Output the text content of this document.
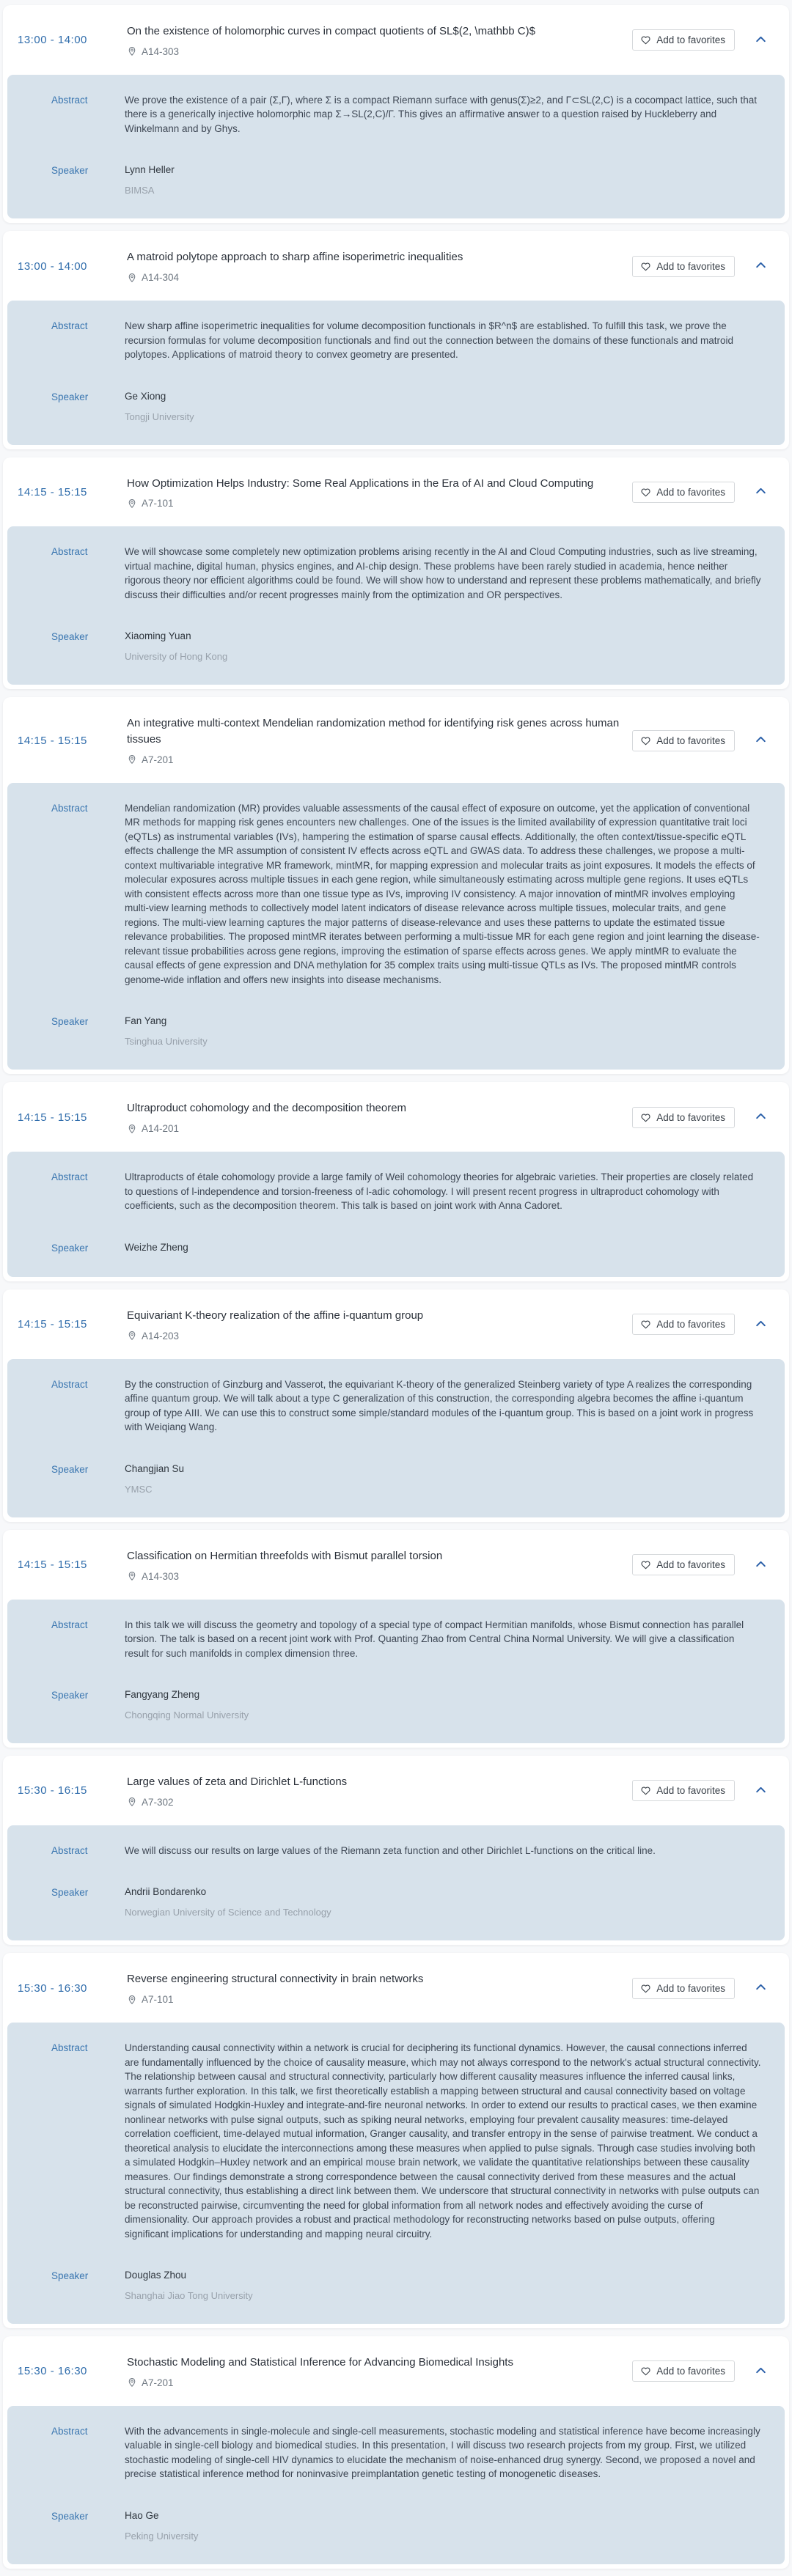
13:00 - 14:00
On the existence of holomorphic curves in compact quotients of SL$(2, \mathbb C)$
A14-303
Add to favorites
Abstract	We prove the existence of a pair (Σ,Γ), where Σ is a compact Riemann surface with genus(Σ)≥2, and Γ⊂SL(2,C) is a cocompact lattice, such that there is a generically injective holomorphic map Σ→SL(2,C)/Γ. This gives an affirmative answer to a question raised by Huckleberry and Winkelmann and by Ghys.
Speaker	Lynn Heller
BIMSA
13:00 - 14:00
A matroid polytope approach to sharp affine isoperimetric inequalities
A14-304
Add to favorites
Abstract	New sharp affine isoperimetric inequalities for volume decomposition functionals in $R^n$ are established. To fulfill this task, we prove the recursion formulas for volume decomposition functionals and find out the connection between the domains of these functionals and matroid polytopes. Applications of matroid theory to convex geometry are presented.
Speaker	Ge Xiong
Tongji University
14:15 - 15:15
How Optimization Helps Industry: Some Real Applications in the Era of AI and Cloud Computing
A7-101
Add to favorites
Abstract	We will showcase some completely new optimization problems arising recently in the AI and Cloud Computing industries, such as live streaming, virtual machine, digital human, physics engines, and AI-chip design. These problems have been rarely studied in academia, hence neither rigorous theory nor efficient algorithms could be found. We will show how to understand and represent these problems mathematically, and briefly discuss their difficulties and/or recent progresses mainly from the optimization and OR perspectives.
Speaker	Xiaoming Yuan
University of Hong Kong
14:15 - 15:15
An integrative multi-context Mendelian randomization method for identifying risk genes across human tissues
A7-201
Add to favorites
Abstract	Mendelian randomization (MR) provides valuable assessments of the causal effect of exposure on outcome, yet the application of conventional MR methods for mapping risk genes encounters new challenges. One of the issues is the limited availability of expression quantitative trait loci (eQTLs) as instrumental variables (IVs), hampering the estimation of sparse causal effects. Additionally, the often context/tissue-specific eQTL effects challenge the MR assumption of consistent IV effects across eQTL and GWAS data. To address these challenges, we propose a multi-context multivariable integrative MR framework, mintMR, for mapping expression and molecular traits as joint exposures. It models the effects of molecular exposures across multiple tissues in each gene region, while simultaneously estimating across multiple gene regions. It uses eQTLs with consistent effects across more than one tissue type as IVs, improving IV consistency. A major innovation of mintMR involves employing multi-view learning methods to collectively model latent indicators of disease relevance across multiple tissues, molecular traits, and gene regions. The multi-view learning captures the major patterns of disease-relevance and uses these patterns to update the estimated tissue relevance probabilities. The proposed mintMR iterates between performing a multi-tissue MR for each gene region and joint learning the disease-relevant tissue probabilities across gene regions, improving the estimation of sparse effects across genes. We apply mintMR to evaluate the causal effects of gene expression and DNA methylation for 35 complex traits using multi-tissue QTLs as IVs. The proposed mintMR controls genome-wide inflation and offers new insights into disease mechanisms.
Speaker	Fan Yang
Tsinghua University
14:15 - 15:15
Ultraproduct cohomology and the decomposition theorem
A14-201
Add to favorites
Abstract	Ultraproducts of étale cohomology provide a large family of Weil cohomology theories for algebraic varieties. Their properties are closely related to questions of l-independence and torsion-freeness of l-adic cohomology. I will present recent progress in ultraproduct cohomology with coefficients, such as the decomposition theorem. This talk is based on joint work with Anna Cadoret.
Speaker	Weizhe Zheng
14:15 - 15:15
Equivariant K-theory realization of the affine i-quantum group
A14-203
Add to favorites
Abstract	By the construction of Ginzburg and Vasserot, the equivariant K-theory of the generalized Steinberg variety of type A realizes the corresponding affine quantum group. We will talk about a type C generalization of this construction, the corresponding algebra becomes the affine i-quantum group of type AIII. We can use this to construct some simple/standard modules of the i-quantum group. This is based on a joint work in progress with Weiqiang Wang.
Speaker	Changjian Su
YMSC
14:15 - 15:15
Classification on Hermitian threefolds with Bismut parallel torsion
A14-303
Add to favorites
Abstract	In this talk we will discuss the geometry and topology of a special type of compact Hermitian manifolds, whose Bismut connection has parallel torsion. The talk is based on a recent joint work with Prof. Quanting Zhao from Central China Normal University. We will give a classification result for such manifolds in complex dimension three.
Speaker	Fangyang Zheng
Chongqing Normal University
15:30 - 16:15
Large values of zeta and Dirichlet L-functions
A7-302
Add to favorites
Abstract	We will discuss our results on large values of the Riemann zeta function and other Dirichlet L-functions on the critical line.
Speaker	Andrii Bondarenko
Norwegian University of Science and Technology
15:30 - 16:30
Reverse engineering structural connectivity in brain networks
A7-101
Add to favorites
Abstract	Understanding causal connectivity within a network is crucial for deciphering its functional dynamics. However, the causal connections inferred are fundamentally influenced by the choice of causality measure, which may not always correspond to the network's actual structural connectivity. The relationship between causal and structural connectivity, particularly how different causality measures influence the inferred causal links, warrants further exploration. In this talk, we first theoretically establish a mapping between structural and causal connectivity based on voltage signals of simulated Hodgkin-Huxley and integrate-and-fire neuronal networks. In order to extend our results to practical cases, we then examine nonlinear networks with pulse signal outputs, such as spiking neural networks, employing four prevalent causality measures: time-delayed correlation coefficient, time-delayed mutual information, Granger causality, and transfer entropy in the sense of pairwise treatment. We conduct a theoretical analysis to elucidate the interconnections among these measures when applied to pulse signals. Through case studies involving both a simulated Hodgkin–Huxley network and an empirical mouse brain network, we validate the quantitative relationships between these causality measures. Our findings demonstrate a strong correspondence between the causal connectivity derived from these measures and the actual structural connectivity, thus establishing a direct link between them. We underscore that structural connectivity in networks with pulse outputs can be reconstructed pairwise, circumventing the need for global information from all network nodes and effectively avoiding the curse of dimensionality. Our approach provides a robust and practical methodology for reconstructing networks based on pulse outputs, offering significant implications for understanding and mapping neural circuitry.
Speaker	Douglas Zhou
Shanghai Jiao Tong University
15:30 - 16:30
Stochastic Modeling and Statistical Inference for Advancing Biomedical Insights
A7-201
Add to favorites
Abstract	With the advancements in single-molecule and single-cell measurements, stochastic modeling and statistical inference have become increasingly valuable in single-cell biology and biomedical studies. In this presentation, I will discuss two research projects from my group. First, we utilized stochastic modeling of single-cell HIV dynamics to elucidate the mechanism of noise-enhanced drug synergy. Second, we proposed a novel and precise statistical inference method for noninvasive preimplantation genetic testing of monogenetic diseases.
Speaker	Hao Ge
Peking University
